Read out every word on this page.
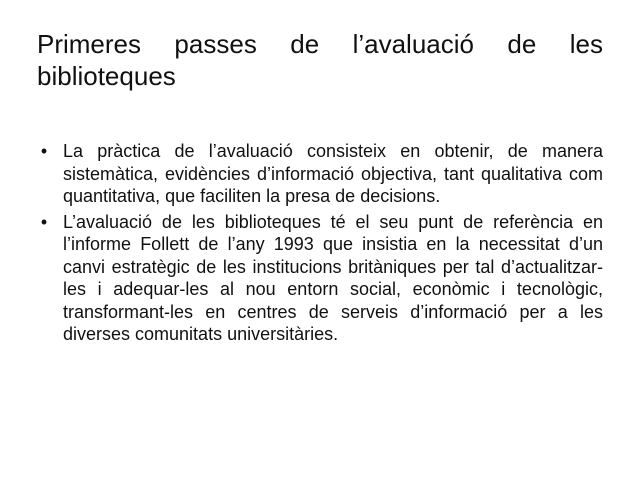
Primeres passes de l’avaluació de les biblioteques
• La pràctica de l’avaluació consisteix en obtenir, de manera sistemàtica, evidències d’informació objectiva, tant qualitativa com quantitativa, que faciliten la presa de decisions.
• L’avaluació de les biblioteques té el seu punt de referència en l’informe Follett de l’any 1993 que insistia en la necessitat d’un canvi estratègic de les institucions britàniques per tal d’actualitzar-les i adequar-les al nou entorn social, econòmic i tecnològic, transformant-les en centres de serveis d’informació per a les diverses comunitats universitàries.
